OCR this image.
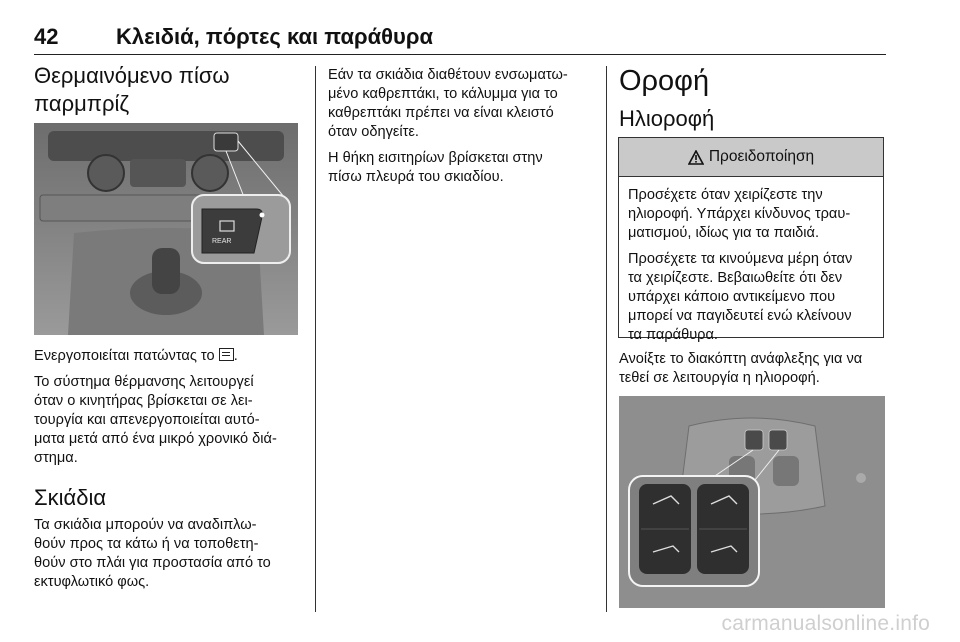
42	Κλειδιά, πόρτες και παράθυρα
Θερμαινόμενο πίσω
παρμπρίζ
REAR

Ενεργοποιείται πατώντας το .

Το σύστημα θέρμανσης λειτουργεί
όταν ο κινητήρας βρίσκεται σε λει-
τουργία και απενεργοποιείται αυτό-
ματα μετά από ένα μικρό χρονικό διά-
στημα.

Σκιάδια

Τα σκιάδια μπορούν να αναδιπλω-
θούν προς τα κάτω ή να τοποθετη-
θούν στο πλάι για προστασία από το
εκτυφλωτικό φως.

Εάν τα σκιάδια διαθέτουν ενσωματω-
μένο καθρεπτάκι, το κάλυμμα για το
καθρεπτάκι πρέπει να είναι κλειστό
όταν οδηγείτε.

Η θήκη εισιτηρίων βρίσκεται στην
πίσω πλευρά του σκιαδίου.

Οροφή
Ηλιοροφή
Προειδοποίηση

Προσέχετε όταν χειρίζεστε την
ηλιοροφή. Υπάρχει κίνδυνος τραυ-
ματισμού, ιδίως για τα παιδιά.

Προσέχετε τα κινούμενα μέρη όταν
τα χειρίζεστε. Βεβαιωθείτε ότι δεν
υπάρχει κάποιο αντικείμενο που
μπορεί να παγιδευτεί ενώ κλείνουν
τα παράθυρα.

Ανοίξτε το διακόπτη ανάφλεξης για να
τεθεί σε λειτουργία η ηλιοροφή.

carmanualsonline.info
